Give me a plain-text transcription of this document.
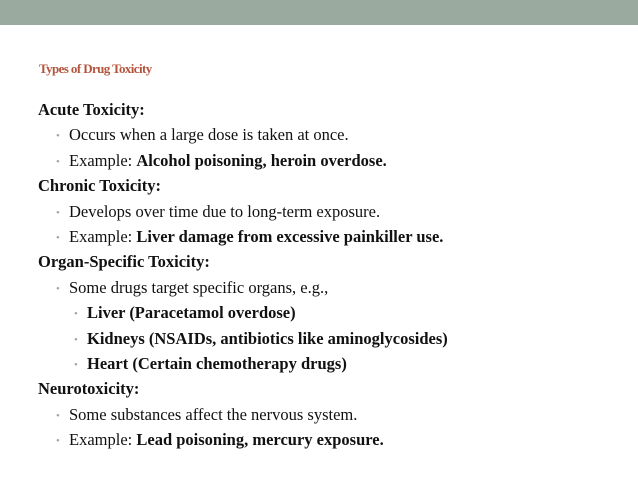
Types of Drug Toxicity
Acute Toxicity:
• Occurs when a large dose is taken at once.
• Example: Alcohol poisoning, heroin overdose.
Chronic Toxicity:
• Develops over time due to long-term exposure.
• Example: Liver damage from excessive painkiller use.
Organ-Specific Toxicity:
• Some drugs target specific organs, e.g.,
• Liver (Paracetamol overdose)
• Kidneys (NSAIDs, antibiotics like aminoglycosides)
• Heart (Certain chemotherapy drugs)
Neurotoxicity:
• Some substances affect the nervous system.
• Example: Lead poisoning, mercury exposure.
